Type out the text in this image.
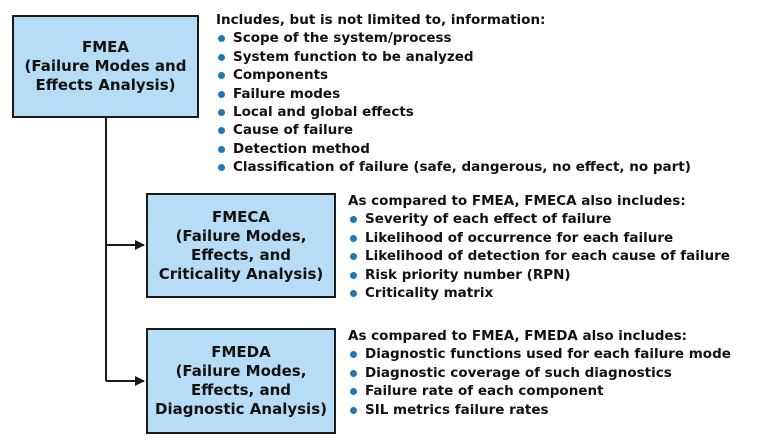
FMEA
(Failure Modes and
Effects Analysis)
FMECA
(Failure Modes,
Effects, and
Criticality Analysis)
FMEDA
(Failure Modes,
Effects, and
Diagnostic Analysis)
Includes, but is not limited to, information:
Scope of the system/process
System function to be analyzed
Components
Failure modes
Local and global effects
Cause of failure
Detection method
Classification of failure (safe, dangerous, no effect, no part)
As compared to FMEA, FMECA also includes:
Severity of each effect of failure
Likelihood of occurrence for each failure
Likelihood of detection for each cause of failure
Risk priority number (RPN)
Criticality matrix
As compared to FMEA, FMEDA also includes:
Diagnostic functions used for each failure mode
Diagnostic coverage of such diagnostics
Failure rate of each component
SIL metrics failure rates
